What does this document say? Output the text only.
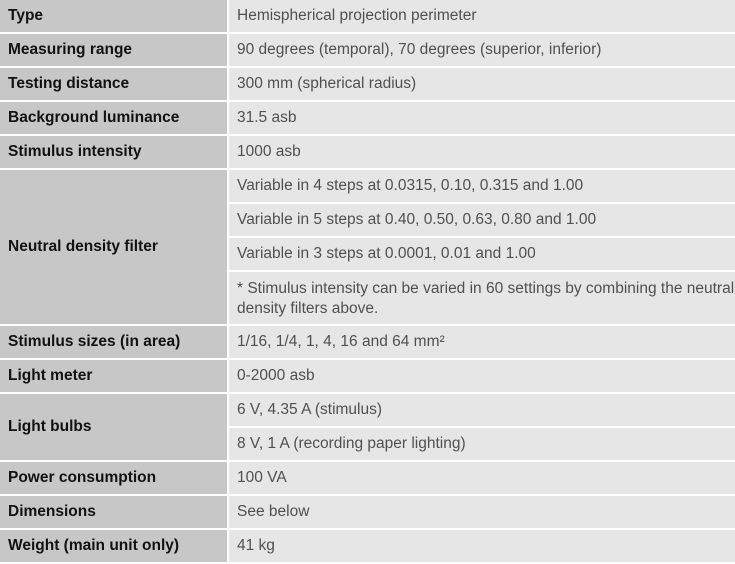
Type	Hemispherical projection perimeter
Measuring range	90 degrees (temporal), 70 degrees (superior, inferior)
Testing distance	300 mm (spherical radius)
Background luminance	31.5 asb
Stimulus intensity	1000 asb
Neutral density filter	Variable in 4 steps at 0.0315, 0.10, 0.315 and 1.00
	Variable in 5 steps at 0.40, 0.50, 0.63, 0.80 and 1.00
	Variable in 3 steps at 0.0001, 0.01 and 1.00

	* Stimulus intensity can be varied in 60 settings by combining the neutral density filters above.

Stimulus sizes (in area)	1/16, 1/4, 1, 4, 16 and 64 mm²
Light meter	0-2000 asb
Light bulbs	6 V, 4.35 A (stimulus)
	8 V, 1 A (recording paper lighting)
Power consumption	100 VA
Dimensions	See below
Weight (main unit only)	41 kg
